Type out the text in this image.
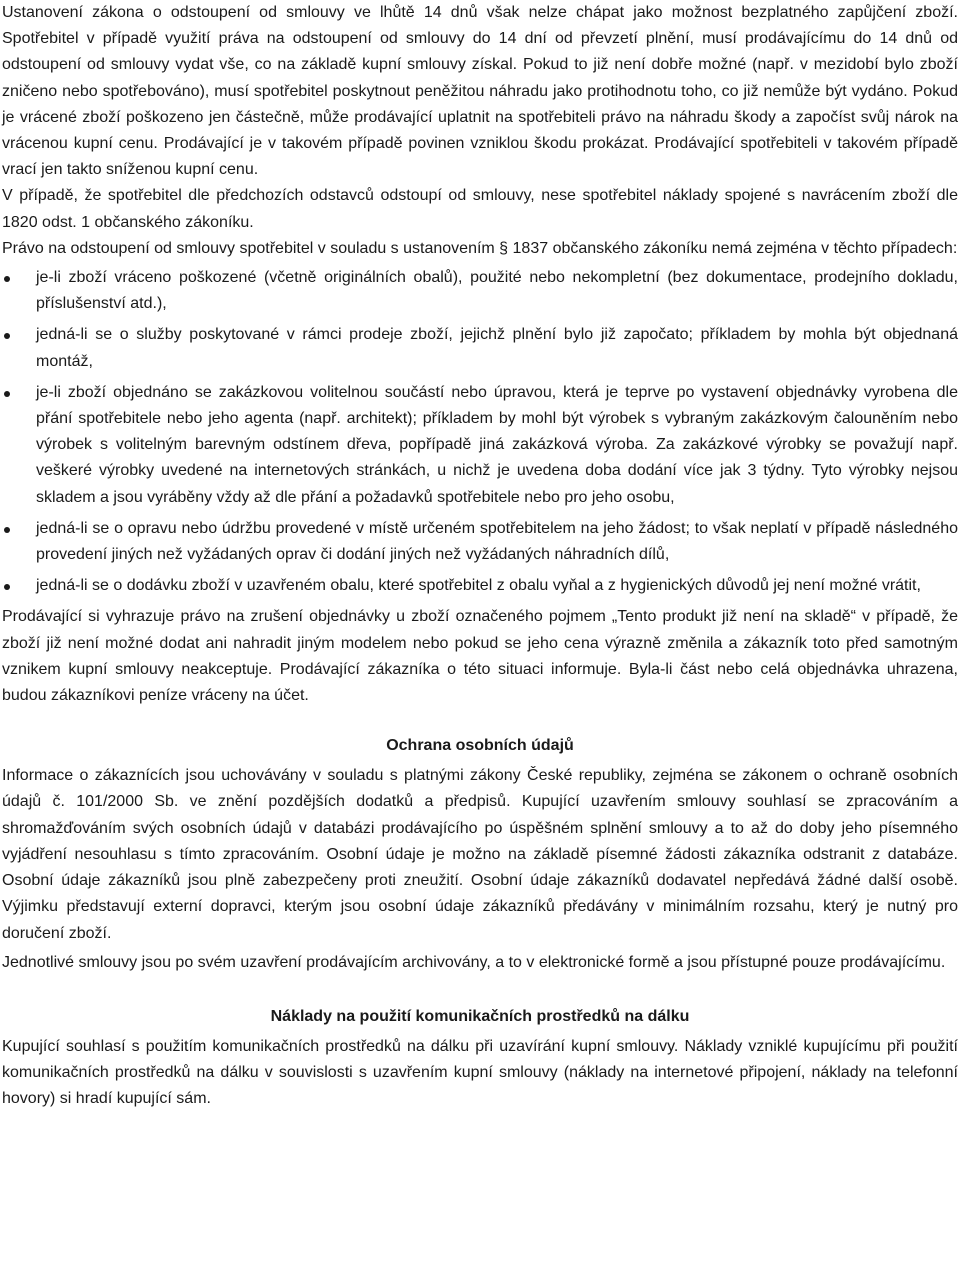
Ustanovení zákona o odstoupení od smlouvy ve lhůtě 14 dnů však nelze chápat jako možnost bezplatného zapůjčení zboží. Spotřebitel v případě využití práva na odstoupení od smlouvy do 14 dní od převzetí plnění, musí prodávajícímu do 14 dnů od odstoupení od smlouvy vydat vše, co na základě kupní smlouvy získal. Pokud to již není dobře možné (např. v mezidobí bylo zboží zničeno nebo spotřebováno), musí spotřebitel poskytnout peněžitou náhradu jako protihodnotu toho, co již nemůže být vydáno. Pokud je vrácené zboží poškozeno jen částečně, může prodávající uplatnit na spotřebiteli právo na náhradu škody a započíst svůj nárok na vrácenou kupní cenu. Prodávající je v takovém případě povinen vzniklou škodu prokázat. Prodávající spotřebiteli v takovém případě vrací jen takto sníženou kupní cenu.

V případě, že spotřebitel dle předchozích odstavců odstoupí od smlouvy, nese spotřebitel náklady spojené s navrácením zboží dle 1820 odst. 1 občanského zákoníku.

Právo na odstoupení od smlouvy spotřebitel v souladu s ustanovením § 1837 občanského zákoníku nemá zejména v těchto případech:

je-li zboží vráceno poškozené (včetně originálních obalů), použité nebo nekompletní (bez dokumentace, prodejního dokladu, příslušenství atd.),
jedná-li se o služby poskytované v rámci prodeje zboží, jejichž plnění bylo již započato; příkladem by mohla být objednaná montáž,
je-li zboží objednáno se zakázkovou volitelnou součástí nebo úpravou, která je teprve po vystavení objednávky vyrobena dle přání spotřebitele nebo jeho agenta (např. architekt); příkladem by mohl být výrobek s vybraným zakázkovým čalouněním nebo výrobek s volitelným barevným odstínem dřeva, popřípadě jiná zakázková výroba. Za zakázkové výrobky se považují např. veškeré výrobky uvedené na internetových stránkách, u nichž je uvedena doba dodání více jak 3 týdny. Tyto výrobky nejsou skladem a jsou vyráběny vždy až dle přání a požadavků spotřebitele nebo pro jeho osobu,
jedná-li se o opravu nebo údržbu provedené v místě určeném spotřebitelem na jeho žádost; to však neplatí v případě následného provedení jiných než vyžádaných oprav či dodání jiných než vyžádaných náhradních dílů,
jedná-li se o dodávku zboží v uzavřeném obalu, které spotřebitel z obalu vyňal a z hygienických důvodů jej není možné vrátit,

Prodávající si vyhrazuje právo na zrušení objednávky u zboží označeného pojmem „Tento produkt již není na skladě“ v případě, že zboží již není možné dodat ani nahradit jiným modelem nebo pokud se jeho cena výrazně změnila a zákazník toto před samotným vznikem kupní smlouvy neakceptuje. Prodávající zákazníka o této situaci informuje. Byla-li část nebo celá objednávka uhrazena, budou zákazníkovi peníze vráceny na účet.

Ochrana osobních údajů

Informace o zákaznících jsou uchovávány v souladu s platnými zákony České republiky, zejména se zákonem o ochraně osobních údajů č. 101/2000 Sb. ve znění pozdějších dodatků a předpisů. Kupující uzavřením smlouvy souhlasí se zpracováním a shromažďováním svých osobních údajů v databázi prodávajícího po úspěšném splnění smlouvy a to až do doby jeho písemného vyjádření nesouhlasu s tímto zpracováním. Osobní údaje je možno na základě písemné žádosti zákazníka odstranit z databáze. Osobní údaje zákazníků jsou plně zabezpečeny proti zneužití. Osobní údaje zákazníků dodavatel nepředává žádné další osobě. Výjimku představují externí dopravci, kterým jsou osobní údaje zákazníků předávány v minimálním rozsahu, který je nutný pro doručení zboží.

Jednotlivé smlouvy jsou po svém uzavření prodávajícím archivovány, a to v elektronické formě a jsou přístupné pouze prodávajícímu.

Náklady na použití komunikačních prostředků na dálku

Kupující souhlasí s použitím komunikačních prostředků na dálku při uzavírání kupní smlouvy. Náklady vzniklé kupujícímu při použití komunikačních prostředků na dálku v souvislosti s uzavřením kupní smlouvy (náklady na internetové připojení, náklady na telefonní hovory) si hradí kupující sám.
